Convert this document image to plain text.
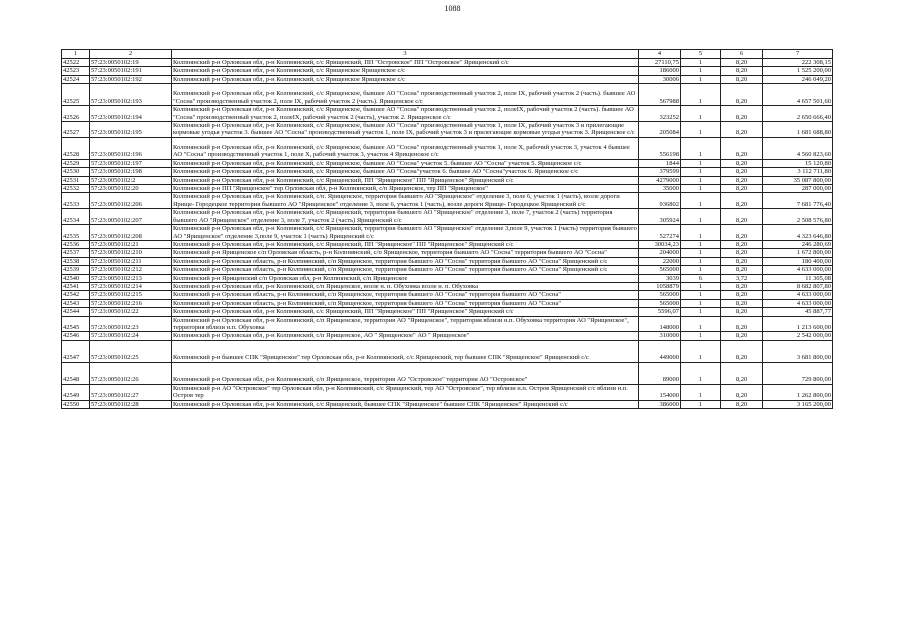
1088
1	2	3	4	5	6	7
42522	57:23:0050102:19	Колпнянский р-н Орловская обл, р-н Колпнянский, с/с Ярищенский, ПП "Островское" ПП "Островское" Ярищенский с/с	27110,75	1	8,20	222 308,15
42523	57:23:0050102:191	Колпнянский р-н Орловская обл, р-н Колпнянский, с/с Ярищенское Ярищенское с/с	186000	1	8,20	1 525 200,00
42524	57:23:0050102:192	Колпнянский р-н Орловская обл, р-н Колпнянский, с/с Ярищенское Ярищенское с/с	30006	1	8,20	246 049,20
42525	57:23:0050102:193	Колпнянский р-н Орловская обл, р-н Колпнянский, с/с Ярищенское, бывшее АО "Сосна" производственный участок 2, поле IX, рабочий участок 2 (часть). бывшее АО "Сосна" производственный участок 2, поле IX, рабочий участок 2 (часть). Ярищенское с/с	567988	1	8,20	4 657 501,60
42526	57:23:0050102:194	Колпнянский р-н Орловская обл, р-н Колпнянский, с/с Ярищенское, бывшее АО "Сосна" производственный участок 2, полеIX, рабочий участок 2 (часть). бывшее АО "Сосна" производственный участок 2, полеIX, рабочий участок 2 (часть), участок 2. Ярищенское с/с	323252	1	8,20	2 650 666,40
42527	57:23:0050102:195	Колпнянский р-н Орловская обл, р-н Колпнянский, с/с Ярищенское, бывшее АО "Сосна" производственный участок 1, поле IX, рабочий участок 3 и прилегающие кормовые угодья участок 3. бывшее АО "Сосна" производственный участок 1, поле IX, рабочий участок 3 и прилегающие кормовые угодья участок 3. Ярищенское с/с	205084	1	8,20	1 681 688,80
42528	57:23:0050102:196	Колпнянский р-н Орловская обл, р-н Колпнянский, с/с Ярищенское, бывшее АО "Сосна" производственный участок 1, поле X, рабочий участок 3, участок 4 бывшее АО "Сосна" производственный участок 1, поле X, рабочий участок 3, участок 4 Ярищенское с/с	556198	1	8,20	4 560 823,60
42529	57:23:0050102:197	Колпнянский р-н Орловская обл, р-н Колпнянский, с/с Ярищенское, бывшее АО "Сосна" участок 5. бывшее АО "Сосна" участок 5. Ярищенское с/с	1844	1	8,20	15 120,80
42530	57:23:0050102:198	Колпнянский р-н Орловская обл, р-н Колпнянский, с/с Ярищенское, бывшее АО "Сосна"участок 6. бывшее АО "Сосна"участок 6. Ярищенское с/с	379599	1	8,20	3 112 711,80
42531	57:23:0050102:2	Колпнянский р-н Орловская обл, р-н Колпнянский, с/с Ярищенский, ПП "Ярищенское" ПП "Ярищенское" Ярищенский с/с	4279000	1	8,20	35 087 800,00
42532	57:23:0050102:20	Колпнянский р-н ПП "Ярищенское" тер Орловская обл, р-н Колпнянский, с/п Ярищенское, тер ПП "Ярищенское"	35000	1	8,20	287 000,00
42533	57:23:0050102:206	Колпнянский р-н Орловская обл, р-н Колпнянский, с/п. Ярищенское, территория бывшего АО "Ярищенское" отделение 3, поле 6, участок 1 (часть), возле дороги Ярище- Городецкое территория бывшего АО "Ярищенское" отделение 3, поле 6, участок 1 (часть), возле дороги Ярище- Городецкое Ярищенский с/с	936802	1	8,20	7 681 776,40
42534	57:23:0050102:207	Колпнянский р-н Орловская обл, р-н Колпнянский, с/с Ярищенский, территория бывшего АО "Ярищенское" отделение 3, поле 7, участок 2 (часть) территория бывшего АО "Ярищенское" отделение 3, поле 7, участок 2 (часть) Ярищенский с/с	305924	1	8,20	2 508 576,80
42535	57:23:0050102:208	Колпнянский р-н Орловская обл, р-н Колпнянский, с/с Ярищенский, территория бывшего АО "Ярищенское" отделение 3,поле 9, участок 1 (часть) территория бывшего АО "Ярищенское" отделение 3,поле 9, участок 1 (часть) Ярищенский с/с	527274	1	8,20	4 323 646,80
42536	57:23:0050102:21	Колпнянский р-н Орловская обл, р-н Колпнянский, с/с Ярищенский, ПП "Ярищенское" ПП "Ярищенское" Ярищенский с/с	30034,23	1	8,20	246 280,69
42537	57:23:0050102:210	Колпнянский р-н Ярищенское с/п Орловская область, р-н Колпнянский, с/п Ярищенское, территория бывшего АО "Сосна" территория бывшего АО "Сосна"	204000	1	8,20	1 672 800,00
42538	57:23:0050102:211	Колпнянский р-н Орловская область, р-н Колпнянский, с/п Ярищенское, территория бывшего АО "Сосна" территория бывшего АО "Сосна" Ярищенский с/с	22000	1	8,20	180 400,00
42539	57:23:0050102:212	Колпнянский р-н Орловская область, р-н Колпнянский, с/п Ярищенское, территория бывшего АО "Сосна" территория бывшего АО "Сосна" Ярищенский с/с	565000	1	8,20	4 633 000,00
42540	57:23:0050102:213	Колпнянский р-н Ярищенский с/п Орловская обл, р-н Колпнянский, с/п Ярищенское	3039	6	3,72	11 305,08
42541	57:23:0050102:214	Колпнянский р-н Орловская обл, р-н Колпнянский, с/п Ярищенское, возле н. п. Обуховка возле н. п. Обуховка	1058879	1	8,20	8 682 807,80
42542	57:23:0050102:215	Колпнянский р-н Орловская область, р-н Колпнянский, с/п Ярищенское, территория бывшего АО "Сосна" территория бывшего АО "Сосна"	565000	1	8,20	4 633 000,00
42543	57:23:0050102:216	Колпнянский р-н Орловская область, р-н Колпнянский, с/п Ярищенское, территория бывшего АО "Сосна" территория бывшего АО "Сосна"	565000	1	8,20	4 633 000,00
42544	57:23:0050102:22	Колпнянский р-н Орловская обл, р-н Колпнянский, с/с Ярищенский, ПП "Ярищенское" ПП "Ярищенское" Ярищенский с/с	5596,07	1	8,20	45 887,77
42545	57:23:0050102:23	Колпнянский р-н Орловская обл, р-н Колпнянский, с/п Ярищенское, территория АО "Ярищенское", территория вблизи н.п. Обуховка территория АО "Ярищенское", территория вблизи н.п. Обуховка	148000	1	8,20	1 213 600,00
42546	57:23:0050102:24	Колпнянский р-н Орловская обл, р-н Колпнянский, с/п Ярищенское, АО " Ярищенское" АО " Ярищенское"	310000	1	8,20	2 542 000,00
42547	57:23:0050102:25	Колпнянский р-н бывшее СПК "Ярищенское" тер Орловская обл, р-н Колпнянский, с/с Ярищенский, тер бывшее СПК "Ярищенское" Ярищенский с/с	449000	1	8,20	3 681 800,00
42548	57:23:0050102:26	Колпнянский р-н Орловская обл, р-н Колпнянский, с/п Ярищенское, территория АО "Островское" территория АО "Островское"	89000	1	8,20	729 800,00
42549	57:23:0050102:27	Колпнянский р-н АО "Островское" тер Орловская обл, р-н Колпнянский, с/с Ярищенский, тер АО "Островское", тер вблизи н.п. Остров Ярищенский с/с вблизи н.п. Остров тер	154000	1	8,20	1 262 800,00
42550	57:23:0050102:28	Колпнянский р-н Орловская обл, р-н Колпнянский, с/с Ярищенский, бывшее СПК "Ярищенское" бывшее СПК "Ярищенское" Ярищенский с/с	386000	1	8,20	3 165 200,00
